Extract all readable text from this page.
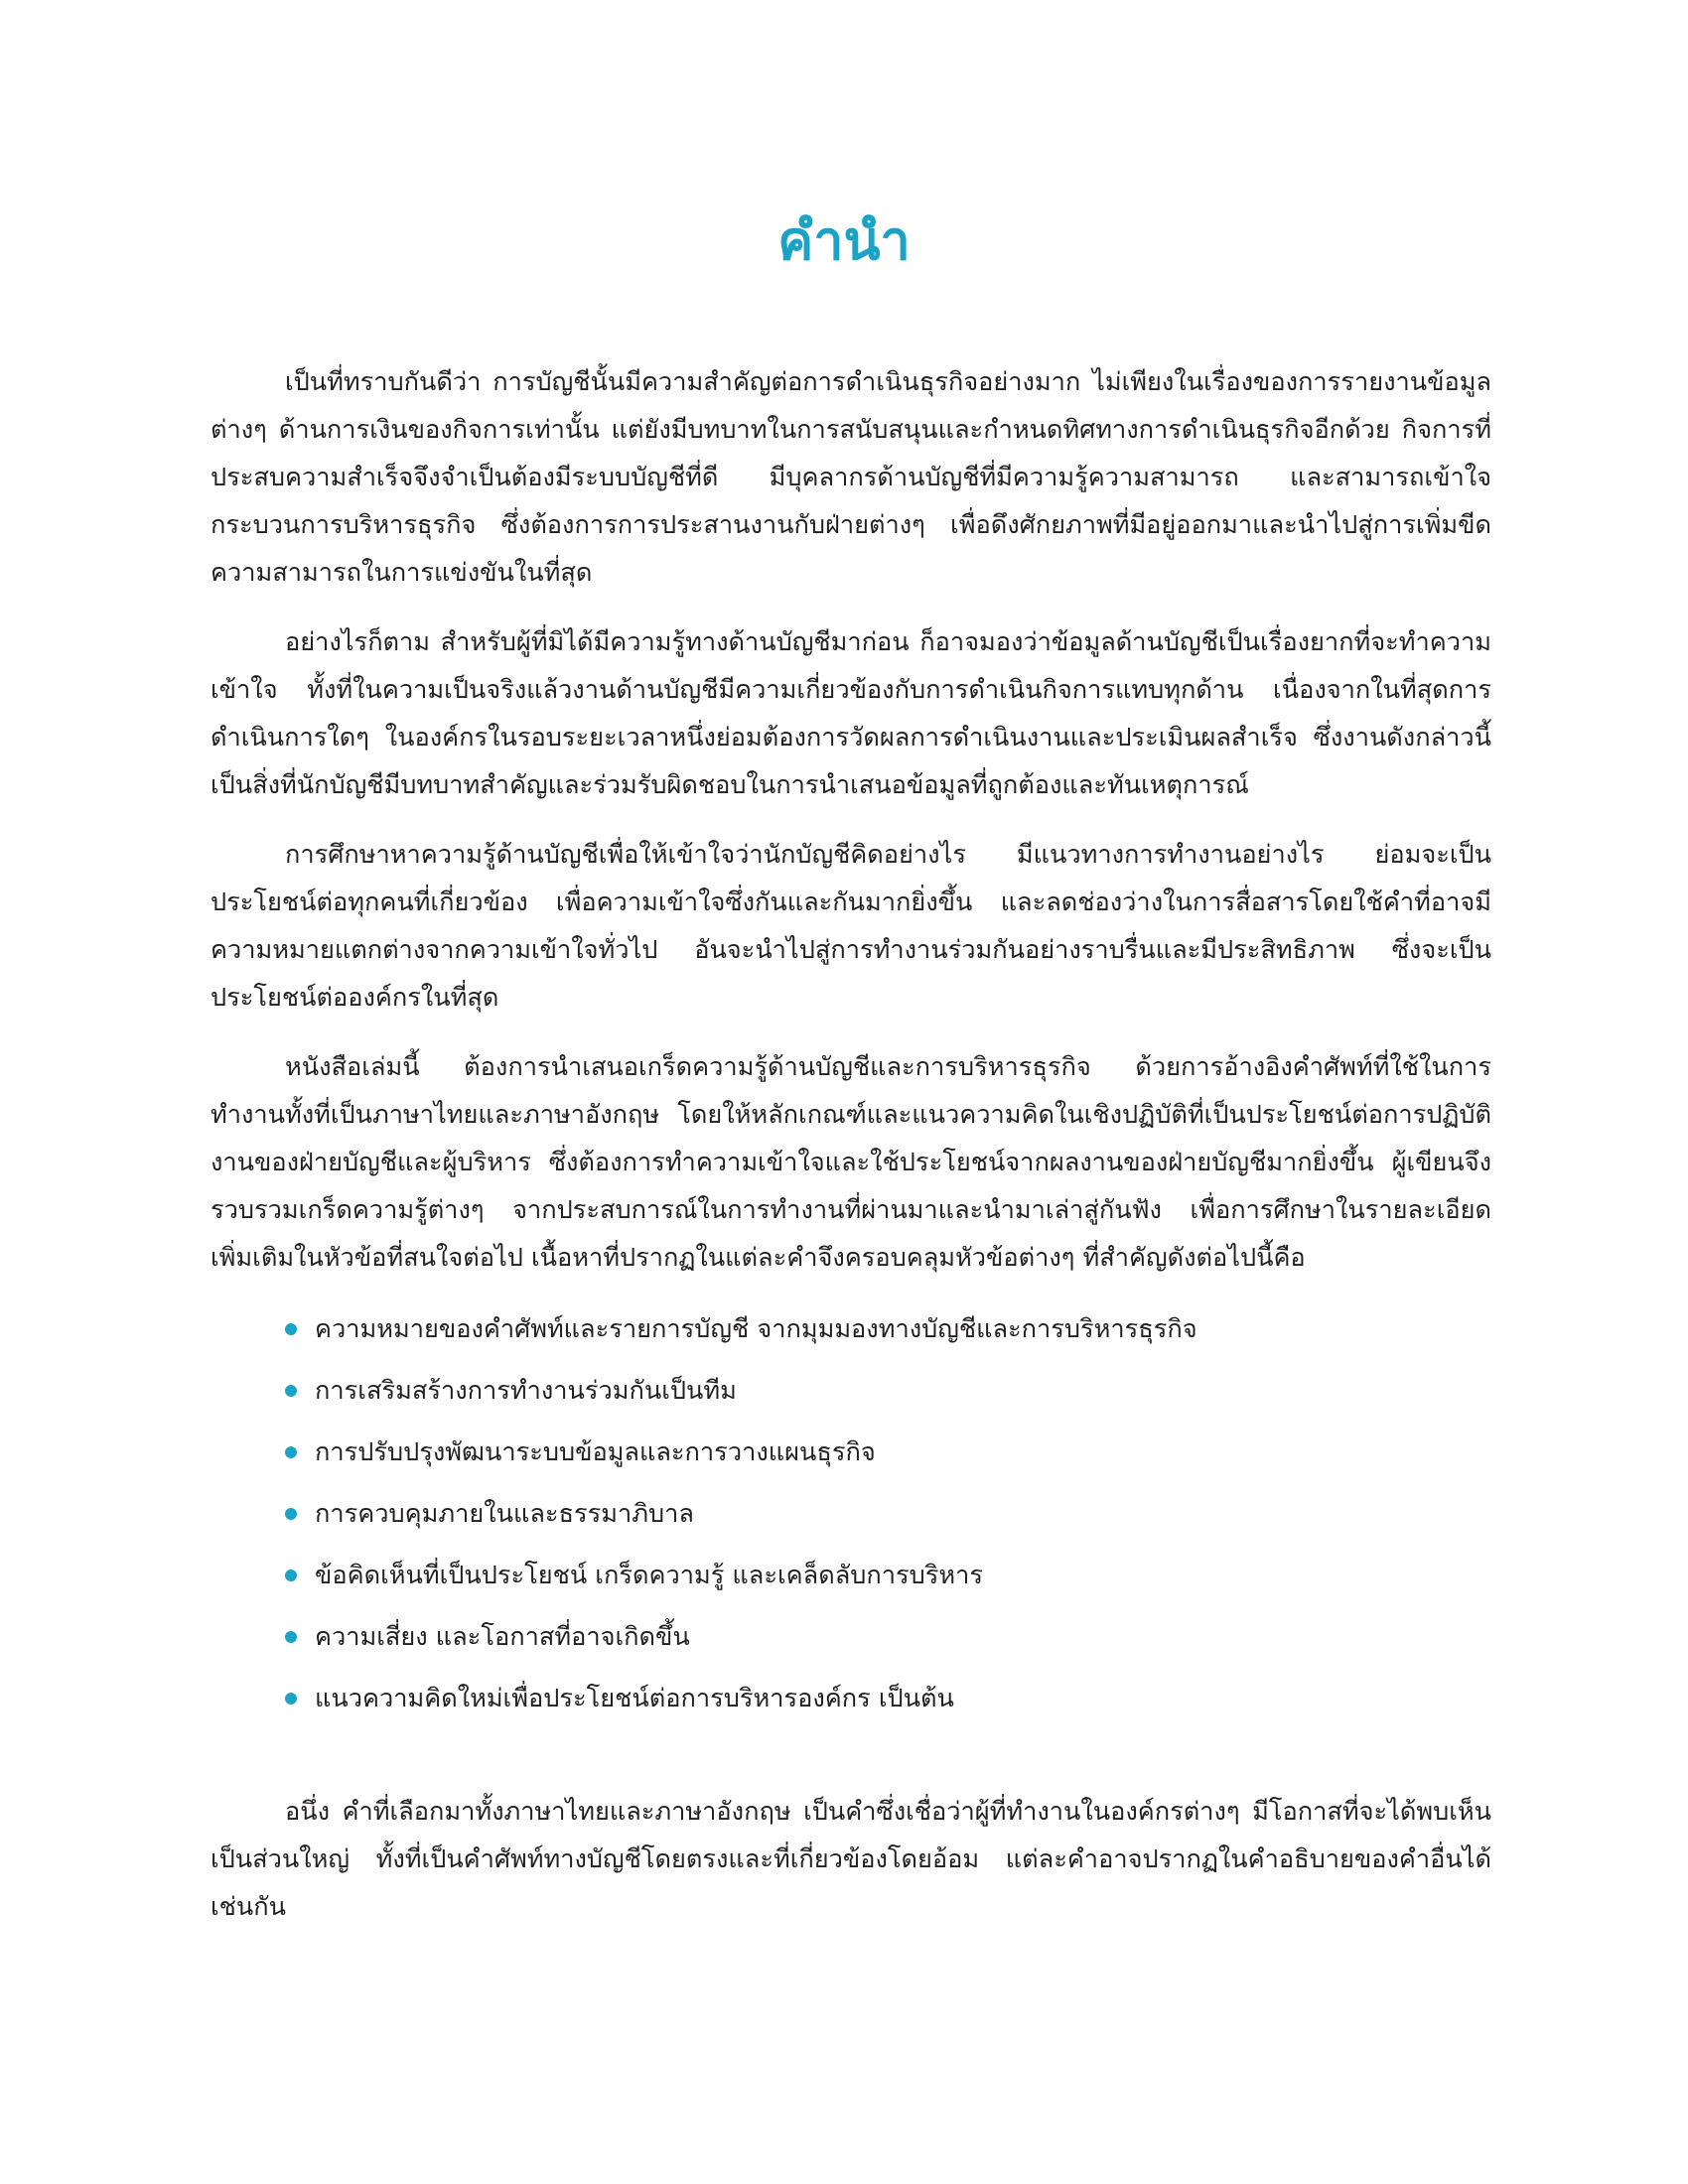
คำนำ

เป็นที่ทราบกันดีว่า การบัญชีนั้นมีความสำคัญต่อการดำเนินธุรกิจอย่างมาก ไม่เพียงในเรื่องของการรายงานข้อมูลต่างๆ ด้านการเงินของกิจการเท่านั้น แต่ยังมีบทบาทในการสนับสนุนและกำหนดทิศทางการดำเนินธุรกิจอีกด้วย กิจการที่ประสบความสำเร็จจึงจำเป็นต้องมีระบบบัญชีที่ดี มีบุคลากรด้านบัญชีที่มีความรู้ความสามารถ และสามารถเข้าใจกระบวนการบริหารธุรกิจ ซึ่งต้องการการประสานงานกับฝ่ายต่างๆ เพื่อดึงศักยภาพที่มีอยู่ออกมาและนำไปสู่การเพิ่มขีดความสามารถในการแข่งขันในที่สุด

อย่างไรก็ตาม สำหรับผู้ที่มิได้มีความรู้ทางด้านบัญชีมาก่อน ก็อาจมองว่าข้อมูลด้านบัญชีเป็นเรื่องยากที่จะทำความเข้าใจ ทั้งที่ในความเป็นจริงแล้วงานด้านบัญชีมีความเกี่ยวข้องกับการดำเนินกิจการแทบทุกด้าน เนื่องจากในที่สุดการดำเนินการใดๆ ในองค์กรในรอบระยะเวลาหนึ่งย่อมต้องการวัดผลการดำเนินงานและประเมินผลสำเร็จ ซึ่งงานดังกล่าวนี้เป็นสิ่งที่นักบัญชีมีบทบาทสำคัญและร่วมรับผิดชอบในการนำเสนอข้อมูลที่ถูกต้องและทันเหตุการณ์

การศึกษาหาความรู้ด้านบัญชีเพื่อให้เข้าใจว่านักบัญชีคิดอย่างไร มีแนวทางการทำงานอย่างไร ย่อมจะเป็นประโยชน์ต่อทุกคนที่เกี่ยวข้อง เพื่อความเข้าใจซึ่งกันและกันมากยิ่งขึ้น และลดช่องว่างในการสื่อสารโดยใช้คำที่อาจมีความหมายแตกต่างจากความเข้าใจทั่วไป อันจะนำไปสู่การทำงานร่วมกันอย่างราบรื่นและมีประสิทธิภาพ ซึ่งจะเป็นประโยชน์ต่อองค์กรในที่สุด

หนังสือเล่มนี้ ต้องการนำเสนอเกร็ดความรู้ด้านบัญชีและการบริหารธุรกิจ ด้วยการอ้างอิงคำศัพท์ที่ใช้ในการทำงานทั้งที่เป็นภาษาไทยและภาษาอังกฤษ โดยให้หลักเกณฑ์และแนวความคิดในเชิงปฏิบัติที่เป็นประโยชน์ต่อการปฏิบัติงานของฝ่ายบัญชีและผู้บริหาร ซึ่งต้องการทำความเข้าใจและใช้ประโยชน์จากผลงานของฝ่ายบัญชีมากยิ่งขึ้น ผู้เขียนจึงรวบรวมเกร็ดความรู้ต่างๆ จากประสบการณ์ในการทำงานที่ผ่านมาและนำมาเล่าสู่กันฟัง เพื่อการศึกษาในรายละเอียดเพิ่มเติมในหัวข้อที่สนใจต่อไป เนื้อหาที่ปรากฏในแต่ละคำจึงครอบคลุมหัวข้อต่างๆ ที่สำคัญดังต่อไปนี้คือ

ความหมายของคำศัพท์และรายการบัญชี จากมุมมองทางบัญชีและการบริหารธุรกิจ
การเสริมสร้างการทำงานร่วมกันเป็นทีม
การปรับปรุงพัฒนาระบบข้อมูลและการวางแผนธุรกิจ
การควบคุมภายในและธรรมาภิบาล
ข้อคิดเห็นที่เป็นประโยชน์ เกร็ดความรู้ และเคล็ดลับการบริหาร
ความเสี่ยง และโอกาสที่อาจเกิดขึ้น
แนวความคิดใหม่เพื่อประโยชน์ต่อการบริหารองค์กร เป็นต้น

อนึ่ง คำที่เลือกมาทั้งภาษาไทยและภาษาอังกฤษ เป็นคำซึ่งเชื่อว่าผู้ที่ทำงานในองค์กรต่างๆ มีโอกาสที่จะได้พบเห็นเป็นส่วนใหญ่ ทั้งที่เป็นคำศัพท์ทางบัญชีโดยตรงและที่เกี่ยวข้องโดยอ้อม แต่ละคำอาจปรากฏในคำอธิบายของคำอื่นได้เช่นกัน
